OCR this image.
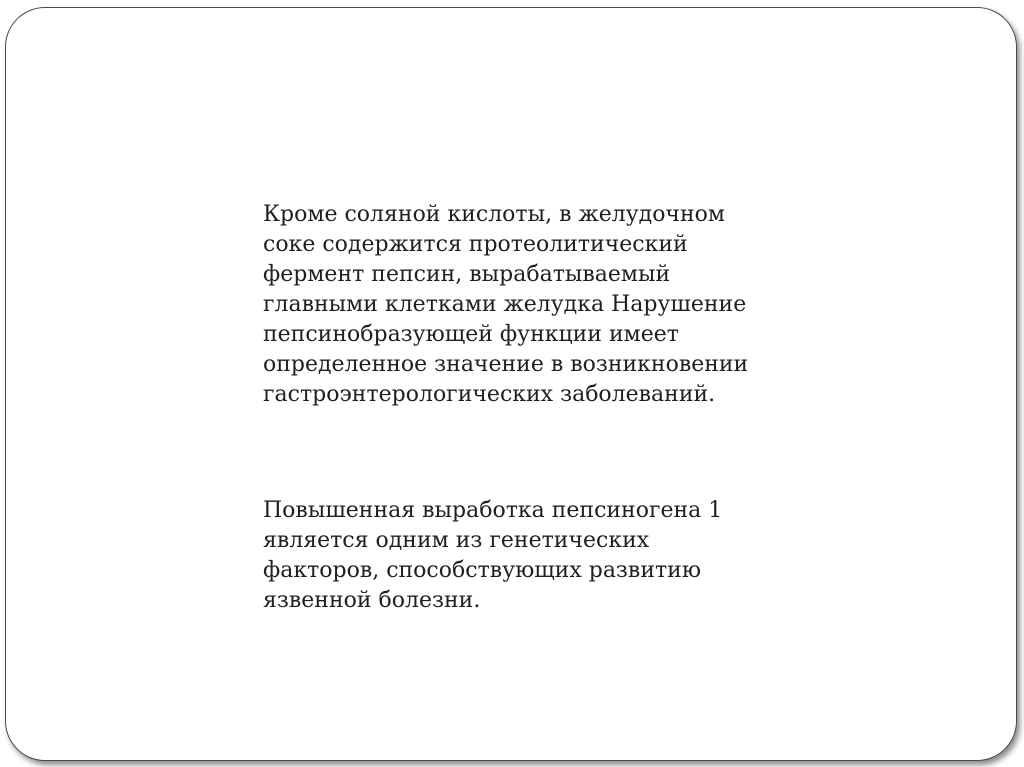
Кроме соляной кислоты, в желудочном
соке содержится протеолитический
фермент пепсин, вырабатываемый
главными клетками желудка Нарушение
пепсинобразующей функции имеет
определенное значение в возникновении
гастроэнтерологических заболеваний.

Повышенная выработка пепсиногена 1
является одним из генетических
факторов, способствующих развитию
язвенной болезни.
